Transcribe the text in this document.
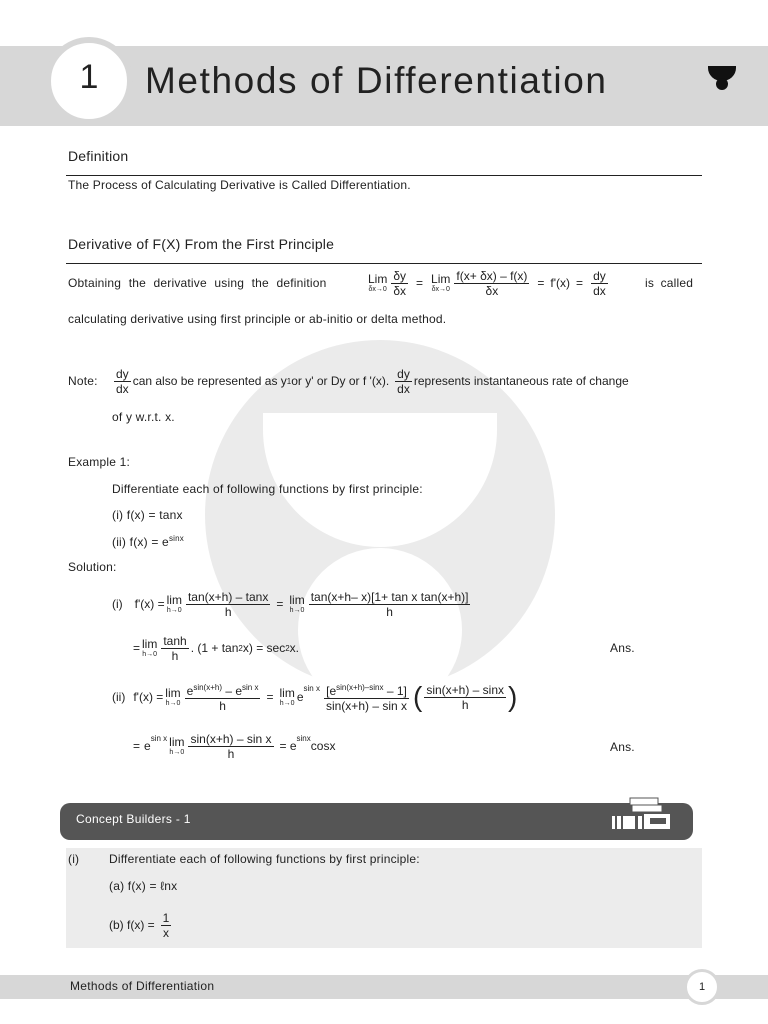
1	Methods of Differentiation
Definition
The Process of Calculating Derivative is Called Differentiation.
Derivative of F(X) From the First Principle
Obtaining the derivative using the definition	Lim
$\delta x\to 0 \frac{\delta y}{\delta x}$ = Lim
$\delta x\to 0 \frac{f(x+ \delta x) - f(x)}{\delta x} = f'(x) = \frac{dy}{dx}$	is called
calculating derivative using first principle or ab-initio or delta method.
Note: $\frac{dy}{dx}$ can also be represented as y 1 or y' or Dy or f '(x). $\frac{dy}{dx}$ represents instantaneous rate of change
of y w.r.t. x.
Example 1:
Differentiate each of following functions by first principle:
(i) f(x) = tanx
(ii) $f(x) = e^{sinx}$
Solution:
(i) f'(x) = lim
$h\to 0 \frac{\tan(x+h) - \tan x}{h} = \lim$
$h\to 0 \frac{\text{tan(x+h– x)[1+ tan x tan(x+h)]}}{h}$
= lim
$h\to 0 \frac{\tanh}{h}$ . (1 + tan 2 x) = sec 2 x.	Ans.
(ii) f'(x) = lim
$h\to 0 \frac{e^{sin(x+h)} - e^{sin x}}{h} = \lim$
h→0 e
$^{sin x} \frac{[e^{sin(x+h)-sinx} - 1]}{\text{sin(x+h) – sin x}}$ ( $\frac{\sin(x+h) - \sin x}{h}$ )
= e
$^{sin x}$ lim
$h\to 0 \frac{\text{sin(x+h) – sin x}}{h} = e$
$^{sinx}$
cosx	Ans.
Concept Builders - 1
(i) Differentiate each of following functions by first principle:
(a) f(x) = ℓnx
(b) $f(x) = \frac{1}{x}$
Methods of Differentiation	1
